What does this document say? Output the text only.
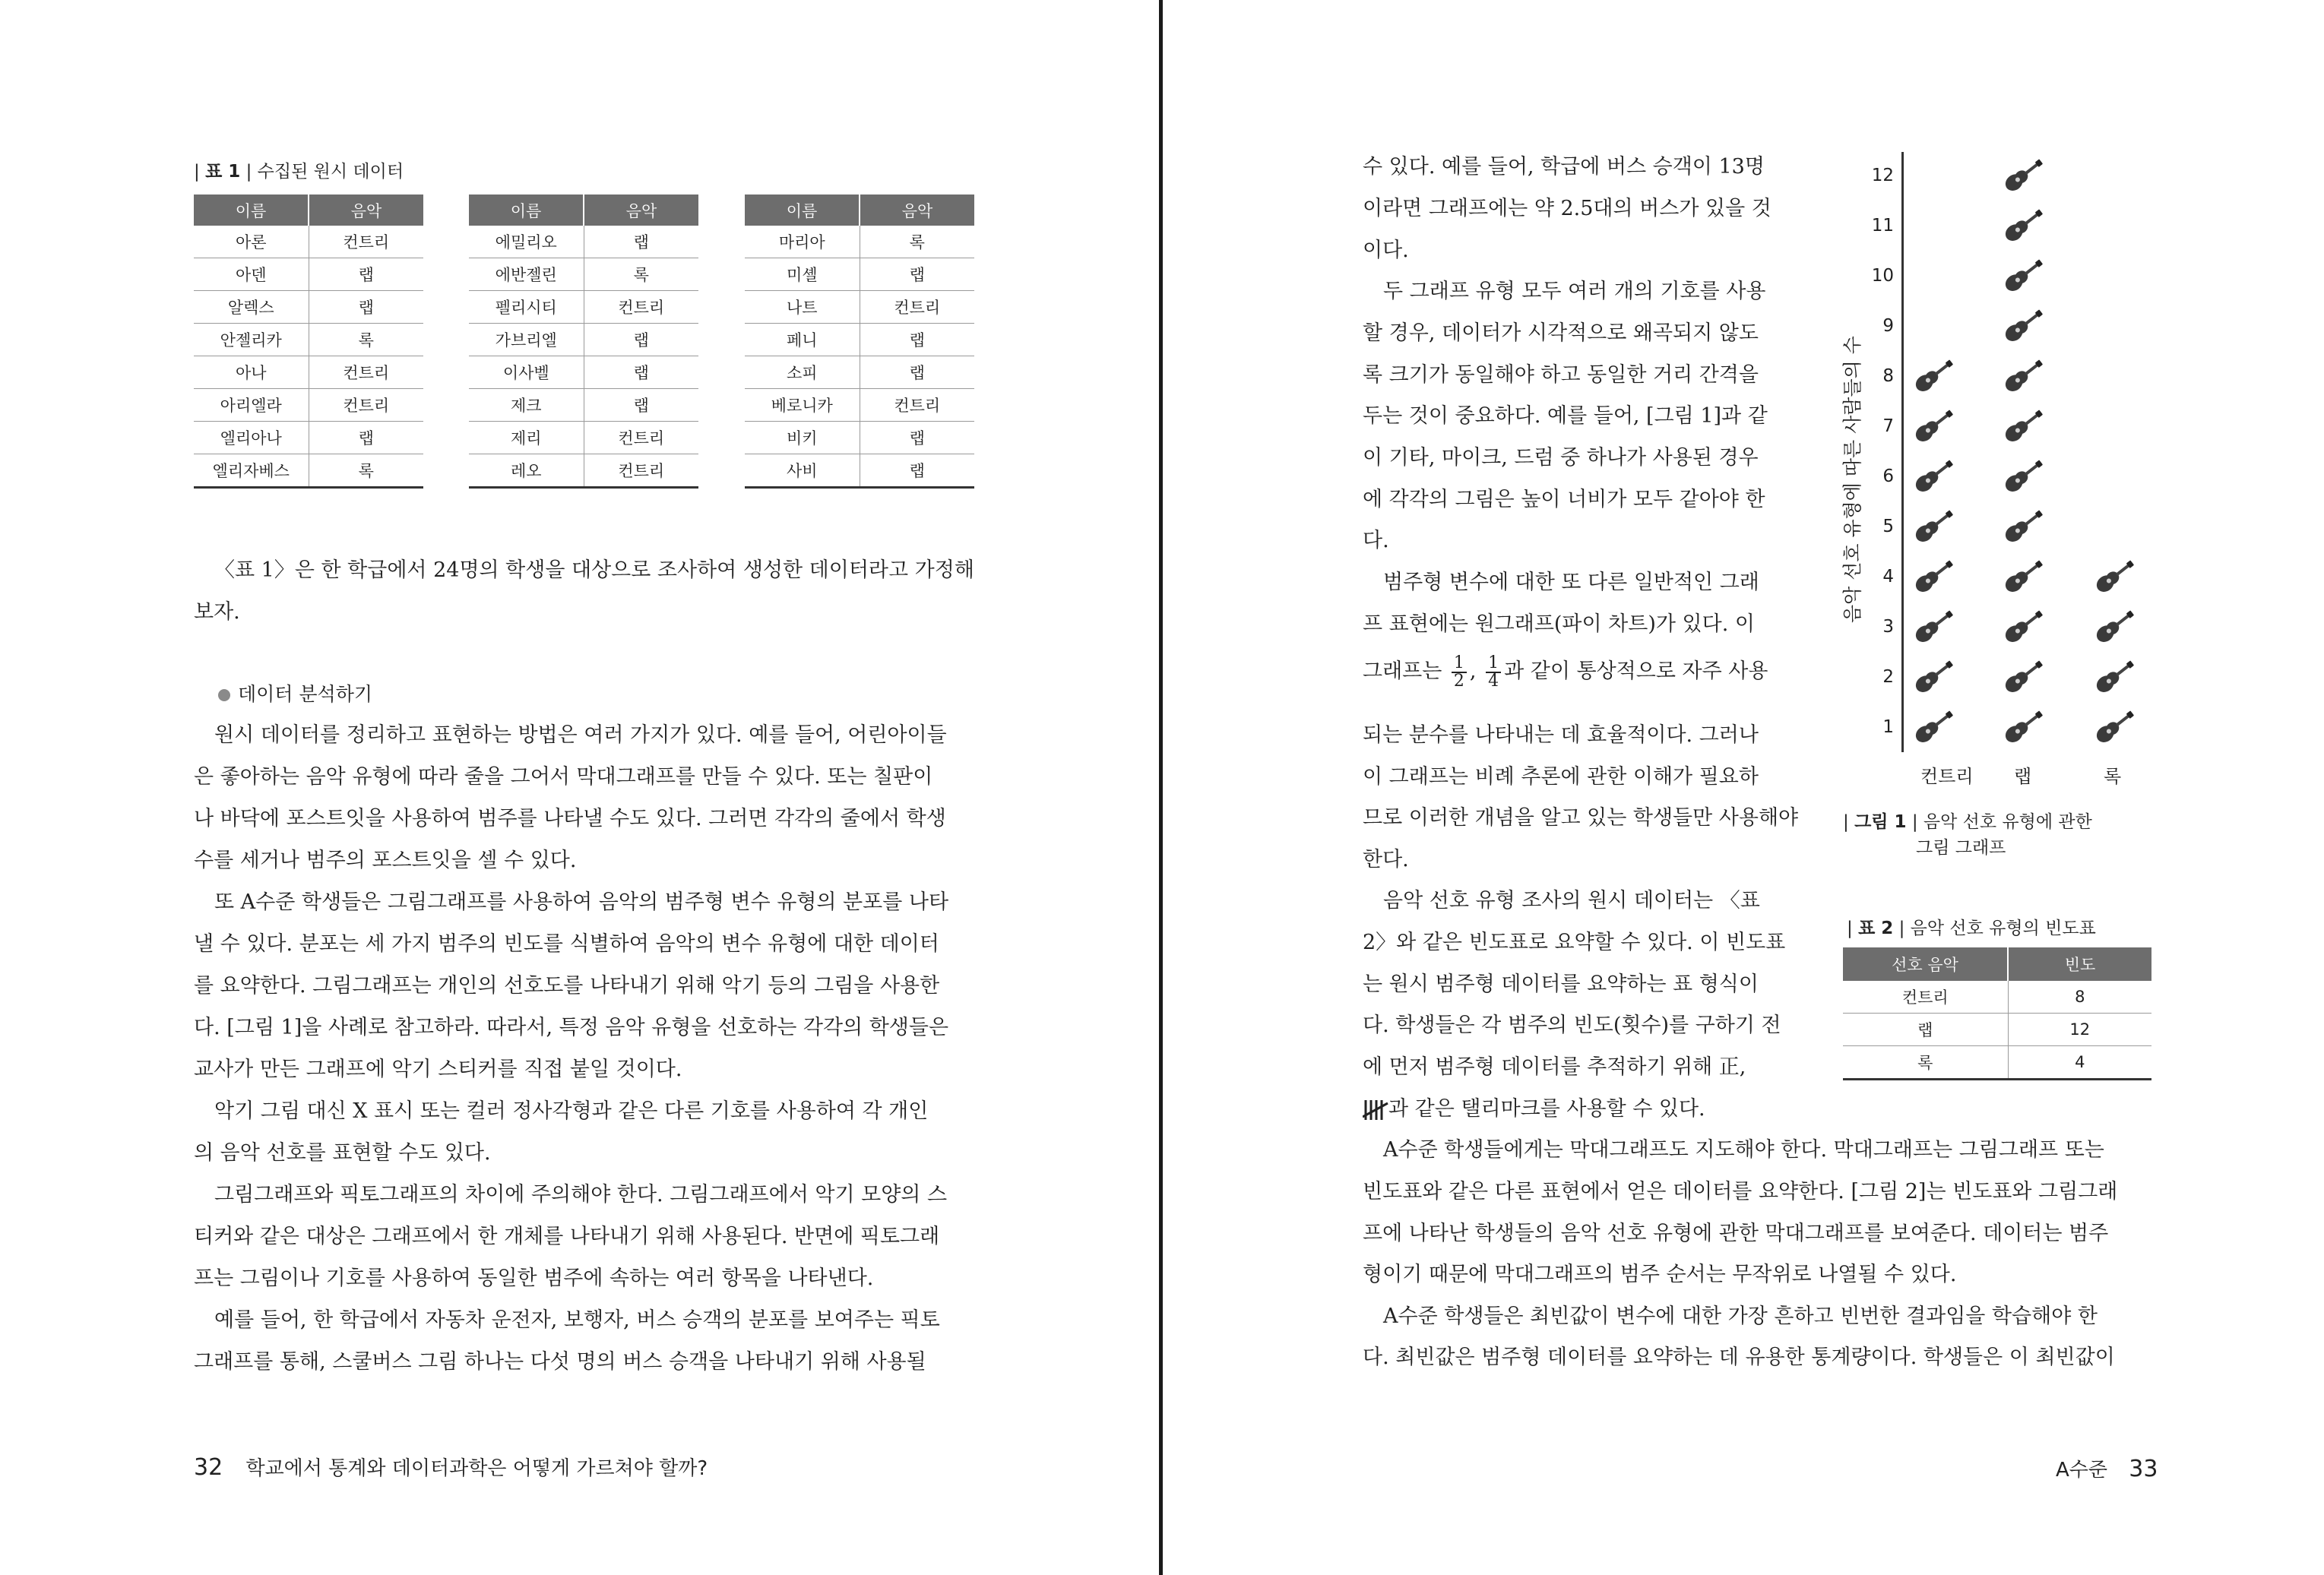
| 표 1 | 수집된 원시 데이터
이름	음악
아론	컨트리
아덴	랩
알렉스	랩
안젤리카	록
아나	컨트리
아리엘라	컨트리
엘리아나	랩
엘리자베스	록
이름	음악
에밀리오	랩
에반젤린	록
펠리시티	컨트리
가브리엘	랩
이사벨	랩
제크	랩
제리	컨트리
레오	컨트리
이름	음악
마리아	록
미셸	랩
나트	컨트리
페니	랩
소피	랩
베로니카	컨트리
비키	랩
사비	랩
〈표 1〉은 한 학급에서 24명의 학생을 대상으로 조사하여 생성한 데이터라고 가정해
보자.
데이터 분석하기
원시 데이터를 정리하고 표현하는 방법은 여러 가지가 있다. 예를 들어, 어린아이들
은 좋아하는 음악 유형에 따라 줄을 그어서 막대그래프를 만들 수 있다. 또는 칠판이
나 바닥에 포스트잇을 사용하여 범주를 나타낼 수도 있다. 그러면 각각의 줄에서 학생
수를 세거나 범주의 포스트잇을 셀 수 있다.
또 A수준 학생들은 그림그래프를 사용하여 음악의 범주형 변수 유형의 분포를 나타
낼 수 있다. 분포는 세 가지 범주의 빈도를 식별하여 음악의 변수 유형에 대한 데이터
를 요약한다. 그림그래프는 개인의 선호도를 나타내기 위해 악기 등의 그림을 사용한
다. [그림 1]을 사례로 참고하라. 따라서, 특정 음악 유형을 선호하는 각각의 학생들은
교사가 만든 그래프에 악기 스티커를 직접 붙일 것이다.
악기 그림 대신 X 표시 또는 컬러 정사각형과 같은 다른 기호를 사용하여 각 개인
의 음악 선호를 표현할 수도 있다.
그림그래프와 픽토그래프의 차이에 주의해야 한다. 그림그래프에서 악기 모양의 스
티커와 같은 대상은 그래프에서 한 개체를 나타내기 위해 사용된다. 반면에 픽토그래
프는 그림이나 기호를 사용하여 동일한 범주에 속하는 여러 항목을 나타낸다.
예를 들어, 한 학급에서 자동차 운전자, 보행자, 버스 승객의 분포를 보여주는 픽토
그래프를 통해, 스쿨버스 그림 하나는 다섯 명의 버스 승객을 나타내기 위해 사용될
32 학교에서 통계와 데이터과학은 어떻게 가르쳐야 할까?
수 있다. 예를 들어, 학급에 버스 승객이 13명
이라면 그래프에는 약 2.5대의 버스가 있을 것
이다.
두 그래프 유형 모두 여러 개의 기호를 사용
할 경우, 데이터가 시각적으로 왜곡되지 않도
록 크기가 동일해야 하고 동일한 거리 간격을
두는 것이 중요하다. 예를 들어, [그림 1]과 같
이 기타, 마이크, 드럼 중 하나가 사용된 경우
에 각각의 그림은 높이 너비가 모두 같아야 한
다.
범주형 변수에 대한 또 다른 일반적인 그래
프 표현에는 원그래프(파이 차트)가 있다. 이
그래프는 $\frac{1}{2}$ , $\frac{1}{4}$ 과 같이 통상적으로 자주 사용
되는 분수를 나타내는 데 효율적이다. 그러나
이 그래프는 비례 추론에 관한 이해가 필요하
므로 이러한 개념을 알고 있는 학생들만 사용해야
한다.
음악 선호 유형 조사의 원시 데이터는 〈표
2〉와 같은 빈도표로 요약할 수 있다. 이 빈도표
는 원시 범주형 데이터를 요약하는 표 형식이
다. 학생들은 각 범주의 빈도(횟수)를 구하기 전
에 먼저 범주형 데이터를 추적하기 위해 正,
과 같은 탤리마크를 사용할 수 있다.
A수준 학생들에게는 막대그래프도 지도해야 한다. 막대그래프는 그림그래프 또는
빈도표와 같은 다른 표현에서 얻은 데이터를 요약한다. [그림 2]는 빈도표와 그림그래
프에 나타난 학생들의 음악 선호 유형에 관한 막대그래프를 보여준다. 데이터는 범주
형이기 때문에 막대그래프의 범주 순서는 무작위로 나열될 수 있다.
A수준 학생들은 최빈값이 변수에 대한 가장 흔하고 빈번한 결과임을 학습해야 한
다. 최빈값은 범주형 데이터를 요약하는 데 유용한 통계량이다. 학생들은 이 최빈값이
음악 선호 유형에 따른 사람들의 수
1
2
3
4
5
6
7
8
9
10
11
12
컨트리 랩	록
| 그림 1 | 음악 선호 유형에 관한
그림 그래프
| 표 2 | 음악 선호 유형의 빈도표
선호 음악	빈도
컨트리	8
랩	12
록	4
A수준 33
